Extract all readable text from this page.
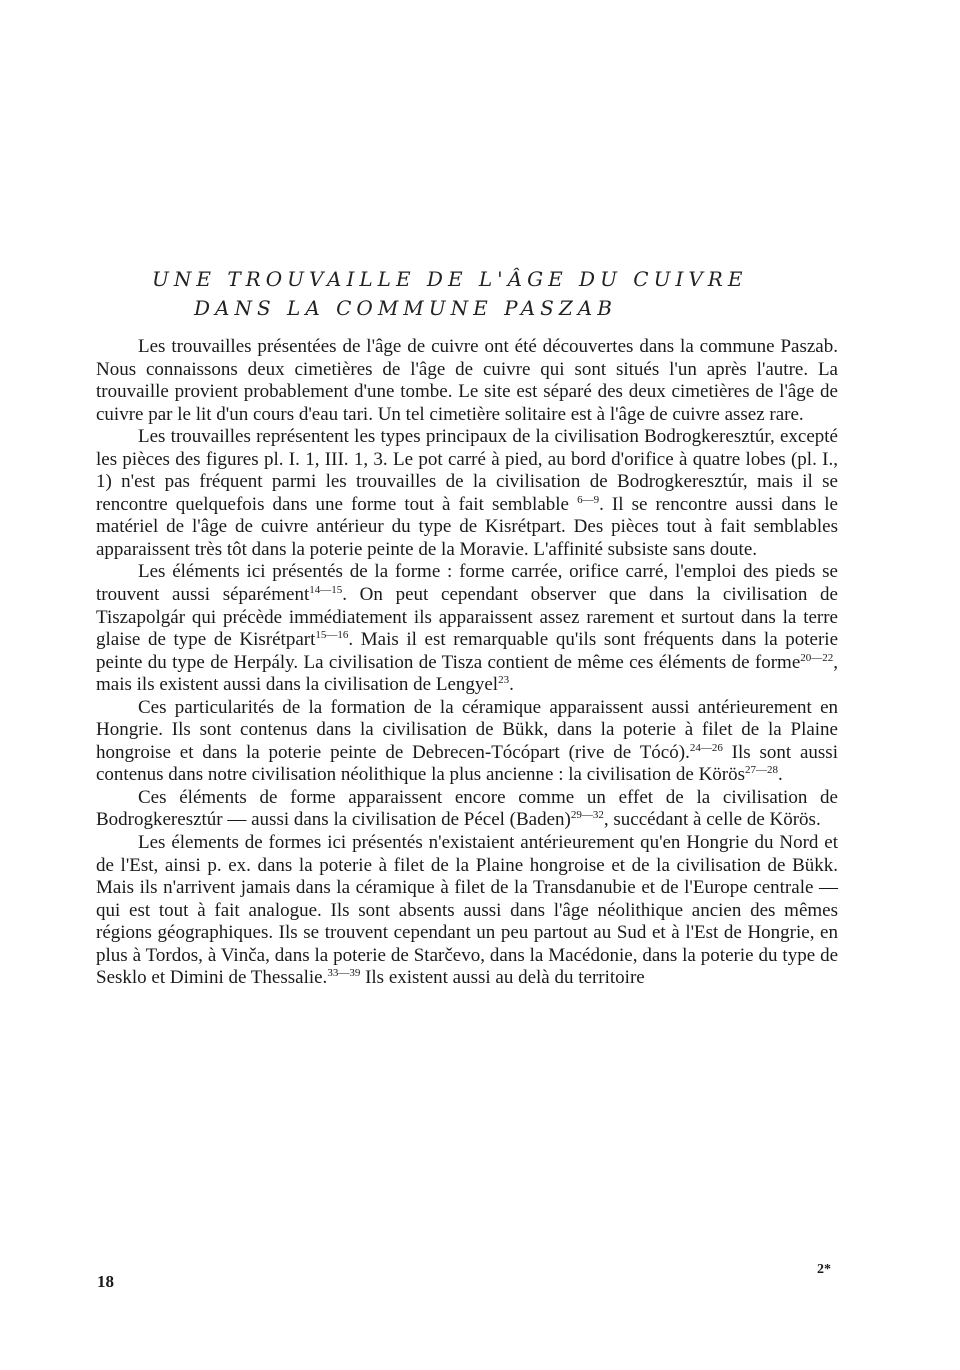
UNE TROUVAILLE DE L'ÂGE DU CUIVRE
DANS LA COMMUNE PASZAB

Les trouvailles présentées de l'âge de cuivre ont été découvertes dans la commune Paszab. Nous connaissons deux cimetières de l'âge de cuivre qui sont situés l'un après l'autre. La trouvaille provient probablement d'une tombe. Le site est séparé des deux cimetières de l'âge de cuivre par le lit d'un cours d'eau tari. Un tel cimetière solitaire est à l'âge de cuivre assez rare.

Les trouvailles représentent les types principaux de la civilisation Bodrogkeresztúr, excepté les pièces des figures pl. I. 1, III. 1, 3. Le pot carré à pied, au bord d'orifice à quatre lobes (pl. I., 1) n'est pas fréquent parmi les trouvailles de la civilisation de Bodrogkeresztúr, mais il se rencontre quelquefois dans une forme tout à fait semblable $^{6—9}$. Il se rencontre aussi dans le matériel de l'âge de cuivre antérieur du type de Kisrétpart. Des pièces tout à fait semblables apparaissent très tôt dans la poterie peinte de la Moravie. L'affinité subsiste sans doute.

Les éléments ici présentés de la forme : forme carrée, orifice carré, l'emploi des pieds se trouvent aussi séparément$^{14—15}$. On peut cependant observer que dans la civilisation de Tiszapolgár qui précède immédiatement ils apparaissent assez rarement et surtout dans la terre glaise de type de Kisrétpart$^{15—16}$. Mais il est remarquable qu'ils sont fréquents dans la poterie peinte du type de Herpály. La civilisation de Tisza contient de même ces éléments de forme$^{20—22}$, mais ils existent aussi dans la civilisation de Lengyel$^{23}$.

Ces particularités de la formation de la céramique apparaissent aussi antérieurement en Hongrie. Ils sont contenus dans la civilisation de Bükk, dans la poterie à filet de la Plaine hongroise et dans la poterie peinte de Debrecen-Tócópart (rive de Tócó).$^{24—26}$ Ils sont aussi contenus dans notre civilisation néolithique la plus ancienne : la civilisation de Körös$^{27—28}$.

Ces éléments de forme apparaissent encore comme un effet de la civilisation de Bodrogkeresztúr — aussi dans la civilisation de Pécel (Baden)$^{29—32}$, succédant à celle de Körös.

Les élements de formes ici présentés n'existaient antérieurement qu'en Hongrie du Nord et de l'Est, ainsi p. ex. dans la poterie à filet de la Plaine hongroise et de la civilisation de Bükk. Mais ils n'arrivent jamais dans la céramique à filet de la Transdanubie et de l'Europe centrale — qui est tout à fait analogue. Ils sont absents aussi dans l'âge néolithique ancien des mêmes régions géographiques. Ils se trouvent cependant un peu partout au Sud et à l'Est de Hongrie, en plus à Tordos, à Vinča, dans la poterie de Starčevo, dans la Macédonie, dans la poterie du type de Sesklo et Dimini de Thessalie.$^{33—39}$ Ils existent aussi au delà du territoire

18
2*
